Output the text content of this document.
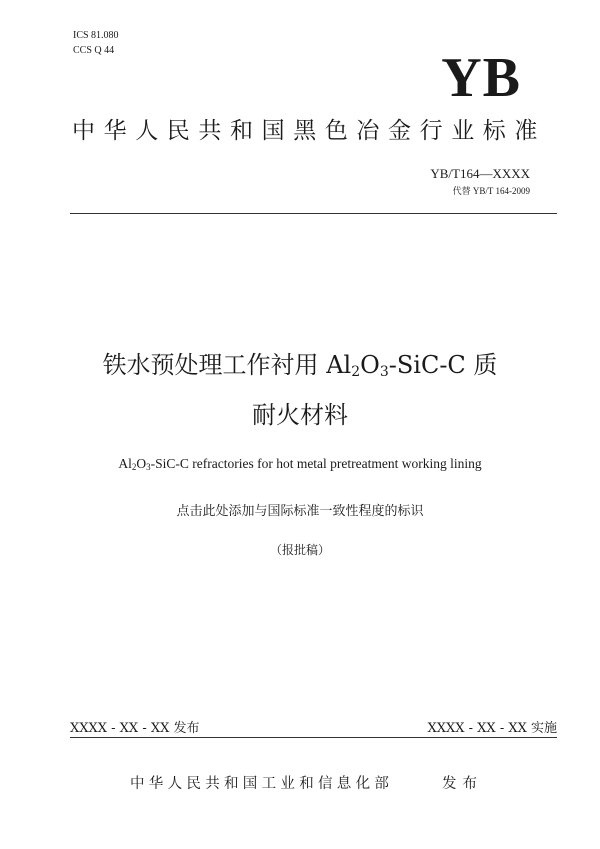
ICS 81.080
CCS Q 44	YB
中华人民共和国黑色冶金行业标准
YB/T164—XXXX
代替 YB/T 164-2009
铁水预处理工作衬用 $Al_2O_3-SiC-C$ 质
耐火材料
$Al_2O_3-SiC-C$ refractories for hot metal pretreatment working lining
点击此处添加与国际标准一致性程度的标识
（报批稿）
XXXX - XX - XX 发布	XXXX - XX - XX 实施
中华人民共和国工业和信息化部	发布
